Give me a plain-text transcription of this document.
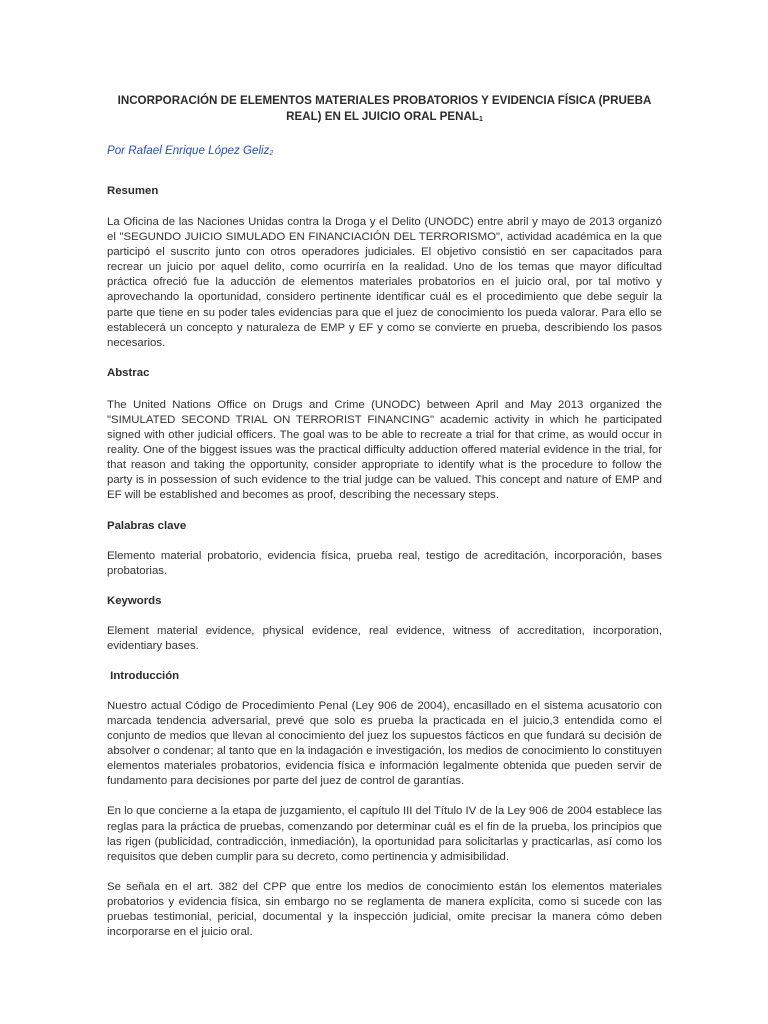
INCORPORACIÓN DE ELEMENTOS MATERIALES PROBATORIOS Y EVIDENCIA FÍSICA (PRUEBA REAL) EN EL JUICIO ORAL PENAL$^1$

Por Rafael Enrique López Geliz$^2$

Resumen

La Oficina de las Naciones Unidas contra la Droga y el Delito (UNODC) entre abril y mayo de 2013 organizó el "SEGUNDO JUICIO SIMULADO EN FINANCIACIÓN DEL TERRORISMO", actividad académica en la que participó el suscrito junto con otros operadores judiciales. El objetivo consistió en ser capacitados para recrear un juicio por aquel delito, como ocurriría en la realidad. Uno de los temas que mayor dificultad práctica ofreció fue la aducción de elementos materiales probatorios en el juicio oral, por tal motivo y aprovechando la oportunidad, considero pertinente identificar cuál es el procedimiento que debe seguir la parte que tiene en su poder tales evidencias para que el juez de conocimiento los pueda valorar. Para ello se establecerá un concepto y naturaleza de EMP y EF y como se convierte en prueba, describiendo los pasos necesarios.

Abstrac

The United Nations Office on Drugs and Crime (UNODC) between April and May 2013 organized the "SIMULATED SECOND TRIAL ON TERRORIST FINANCING" academic activity in which he participated signed with other judicial officers. The goal was to be able to recreate a trial for that crime, as would occur in reality. One of the biggest issues was the practical difficulty adduction offered material evidence in the trial, for that reason and taking the opportunity, consider appropriate to identify what is the procedure to follow the party is in possession of such evidence to the trial judge can be valued. This concept and nature of EMP and EF will be established and becomes as proof, describing the necessary steps.

Palabras clave

Elemento material probatorio, evidencia física, prueba real, testigo de acreditación, incorporación, bases probatorias.

Keywords

Element material evidence, physical evidence, real evidence, witness of accreditation, incorporation, evidentiary bases.

Introducción

Nuestro actual Código de Procedimiento Penal (Ley 906 de 2004), encasillado en el sistema acusatorio con marcada tendencia adversarial, prevé que solo es prueba la practicada en el juicio,3 entendida como el conjunto de medios que llevan al conocimiento del juez los supuestos fácticos en que fundará su decisión de absolver o condenar; al tanto que en la indagación e investigación, los medios de conocimiento lo constituyen elementos materiales probatorios, evidencia física e información legalmente obtenida que pueden servir de fundamento para decisiones por parte del juez de control de garantías.

En lo que concierne a la etapa de juzgamiento, el capítulo III del Título IV de la Ley 906 de 2004 establece las reglas para la práctica de pruebas, comenzando por determinar cuál es el fin de la prueba, los principios que las rigen (publicidad, contradicción, inmediación), la oportunidad para solicitarlas y practicarlas, así como los requisitos que deben cumplir para su decreto, como pertinencia y admisibilidad.

Se señala en el art. 382 del CPP que entre los medios de conocimiento están los elementos materiales probatorios y evidencia física, sin embargo no se reglamenta de manera explícita, como si sucede con las pruebas testimonial, pericial, documental y la inspección judicial, omite precisar la manera cómo deben incorporarse en el juicio oral.
